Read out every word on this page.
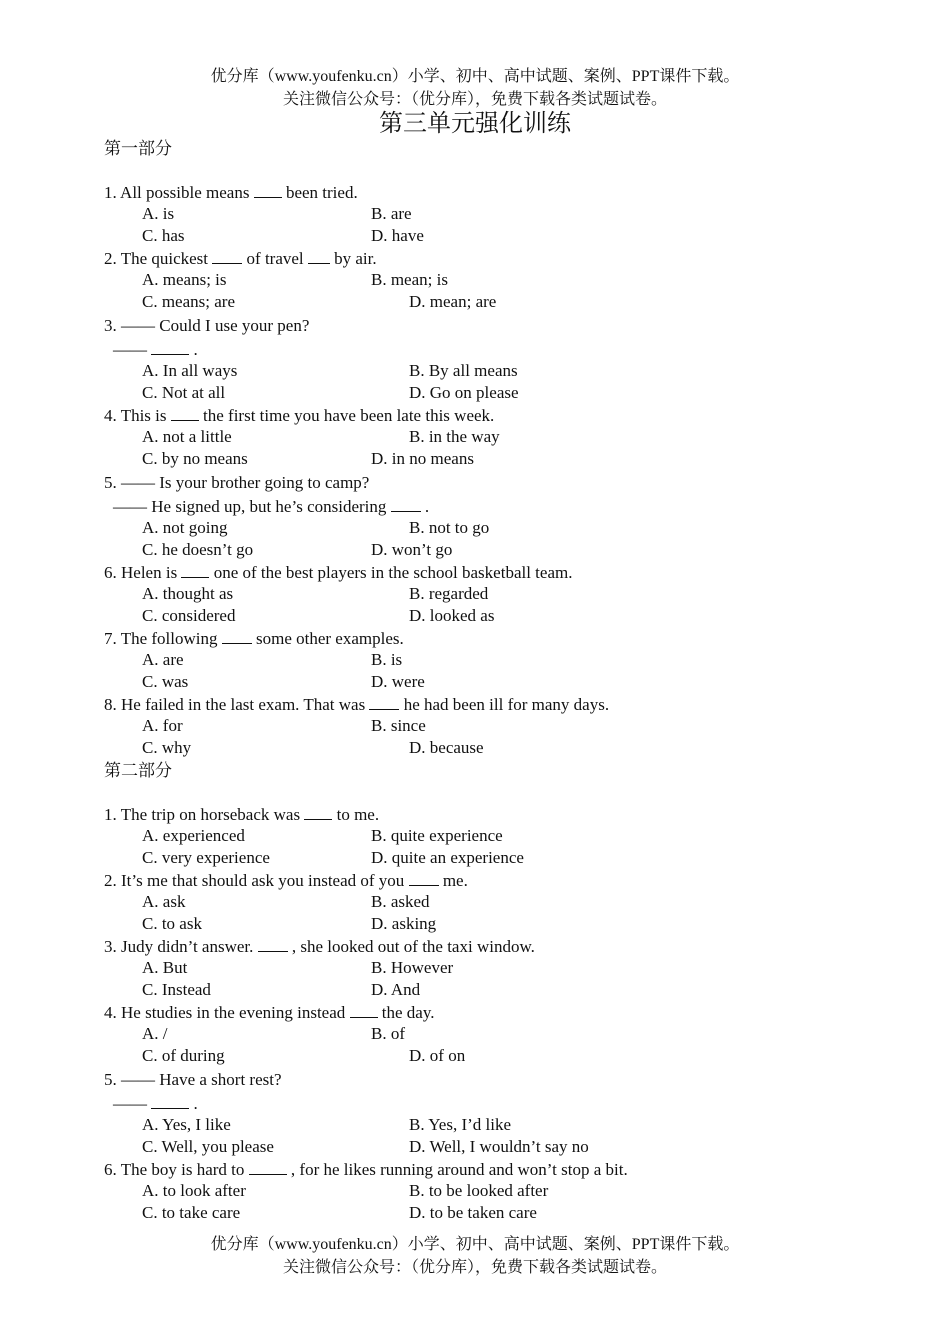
优分库（www.youfenku.cn）小学、初中、高中试题、案例、PPT课件下载。
关注微信公众号：（优分库），免费下载各类试题试卷。
第三单元强化训练
第一部分
1. All possible means been tried.
A. is	B. are
C. has	D. have
2. The quickest of travel by air.
A. means; is	B. mean; is
C. means; are	D. mean; are
3. —— Could I use your pen?
——	.
A. In all ways	B. By all means
C. Not at all	D. Go on please
4. This is the first time you have been late this week.
A. not a little	B. in the way
C. by no means	D. in no means
5. —— Is your brother going to camp?
—— He signed up, but he’s considering .
A. not going	B. not to go
C. he doesn’t go	D. won’t go
6. Helen is one of the best players in the school basketball team.
A. thought as	B. regarded
C. considered	D. looked as
7. The following some other examples.
A. are	B. is
C. was	D. were
8. He failed in the last exam. That was he had been ill for many days.
A. for	B. since
C. why	D. because
第二部分
1. The trip on horseback was to me.
A. experienced	B. quite experience
C. very experience	D. quite an experience
2. It’s me that should ask you instead of you me.
A. ask	B. asked
C. to ask	D. asking
3. Judy didn’t answer. , she looked out of the taxi window.
A. But	B. However
C. Instead	D. And
4. He studies in the evening instead the day.
A. /	B. of
C. of during	D. of on
5. —— Have a short rest?
——	.
A. Yes, I like	B. Yes, I’d like
C. Well, you please	D. Well, I wouldn’t say no
6. The boy is hard to	, for he likes running around and won’t stop a bit.
A. to look after	B. to be looked after
C. to take care	D. to be taken care
优分库（www.youfenku.cn）小学、初中、高中试题、案例、PPT课件下载。
关注微信公众号：（优分库），免费下载各类试题试卷。
